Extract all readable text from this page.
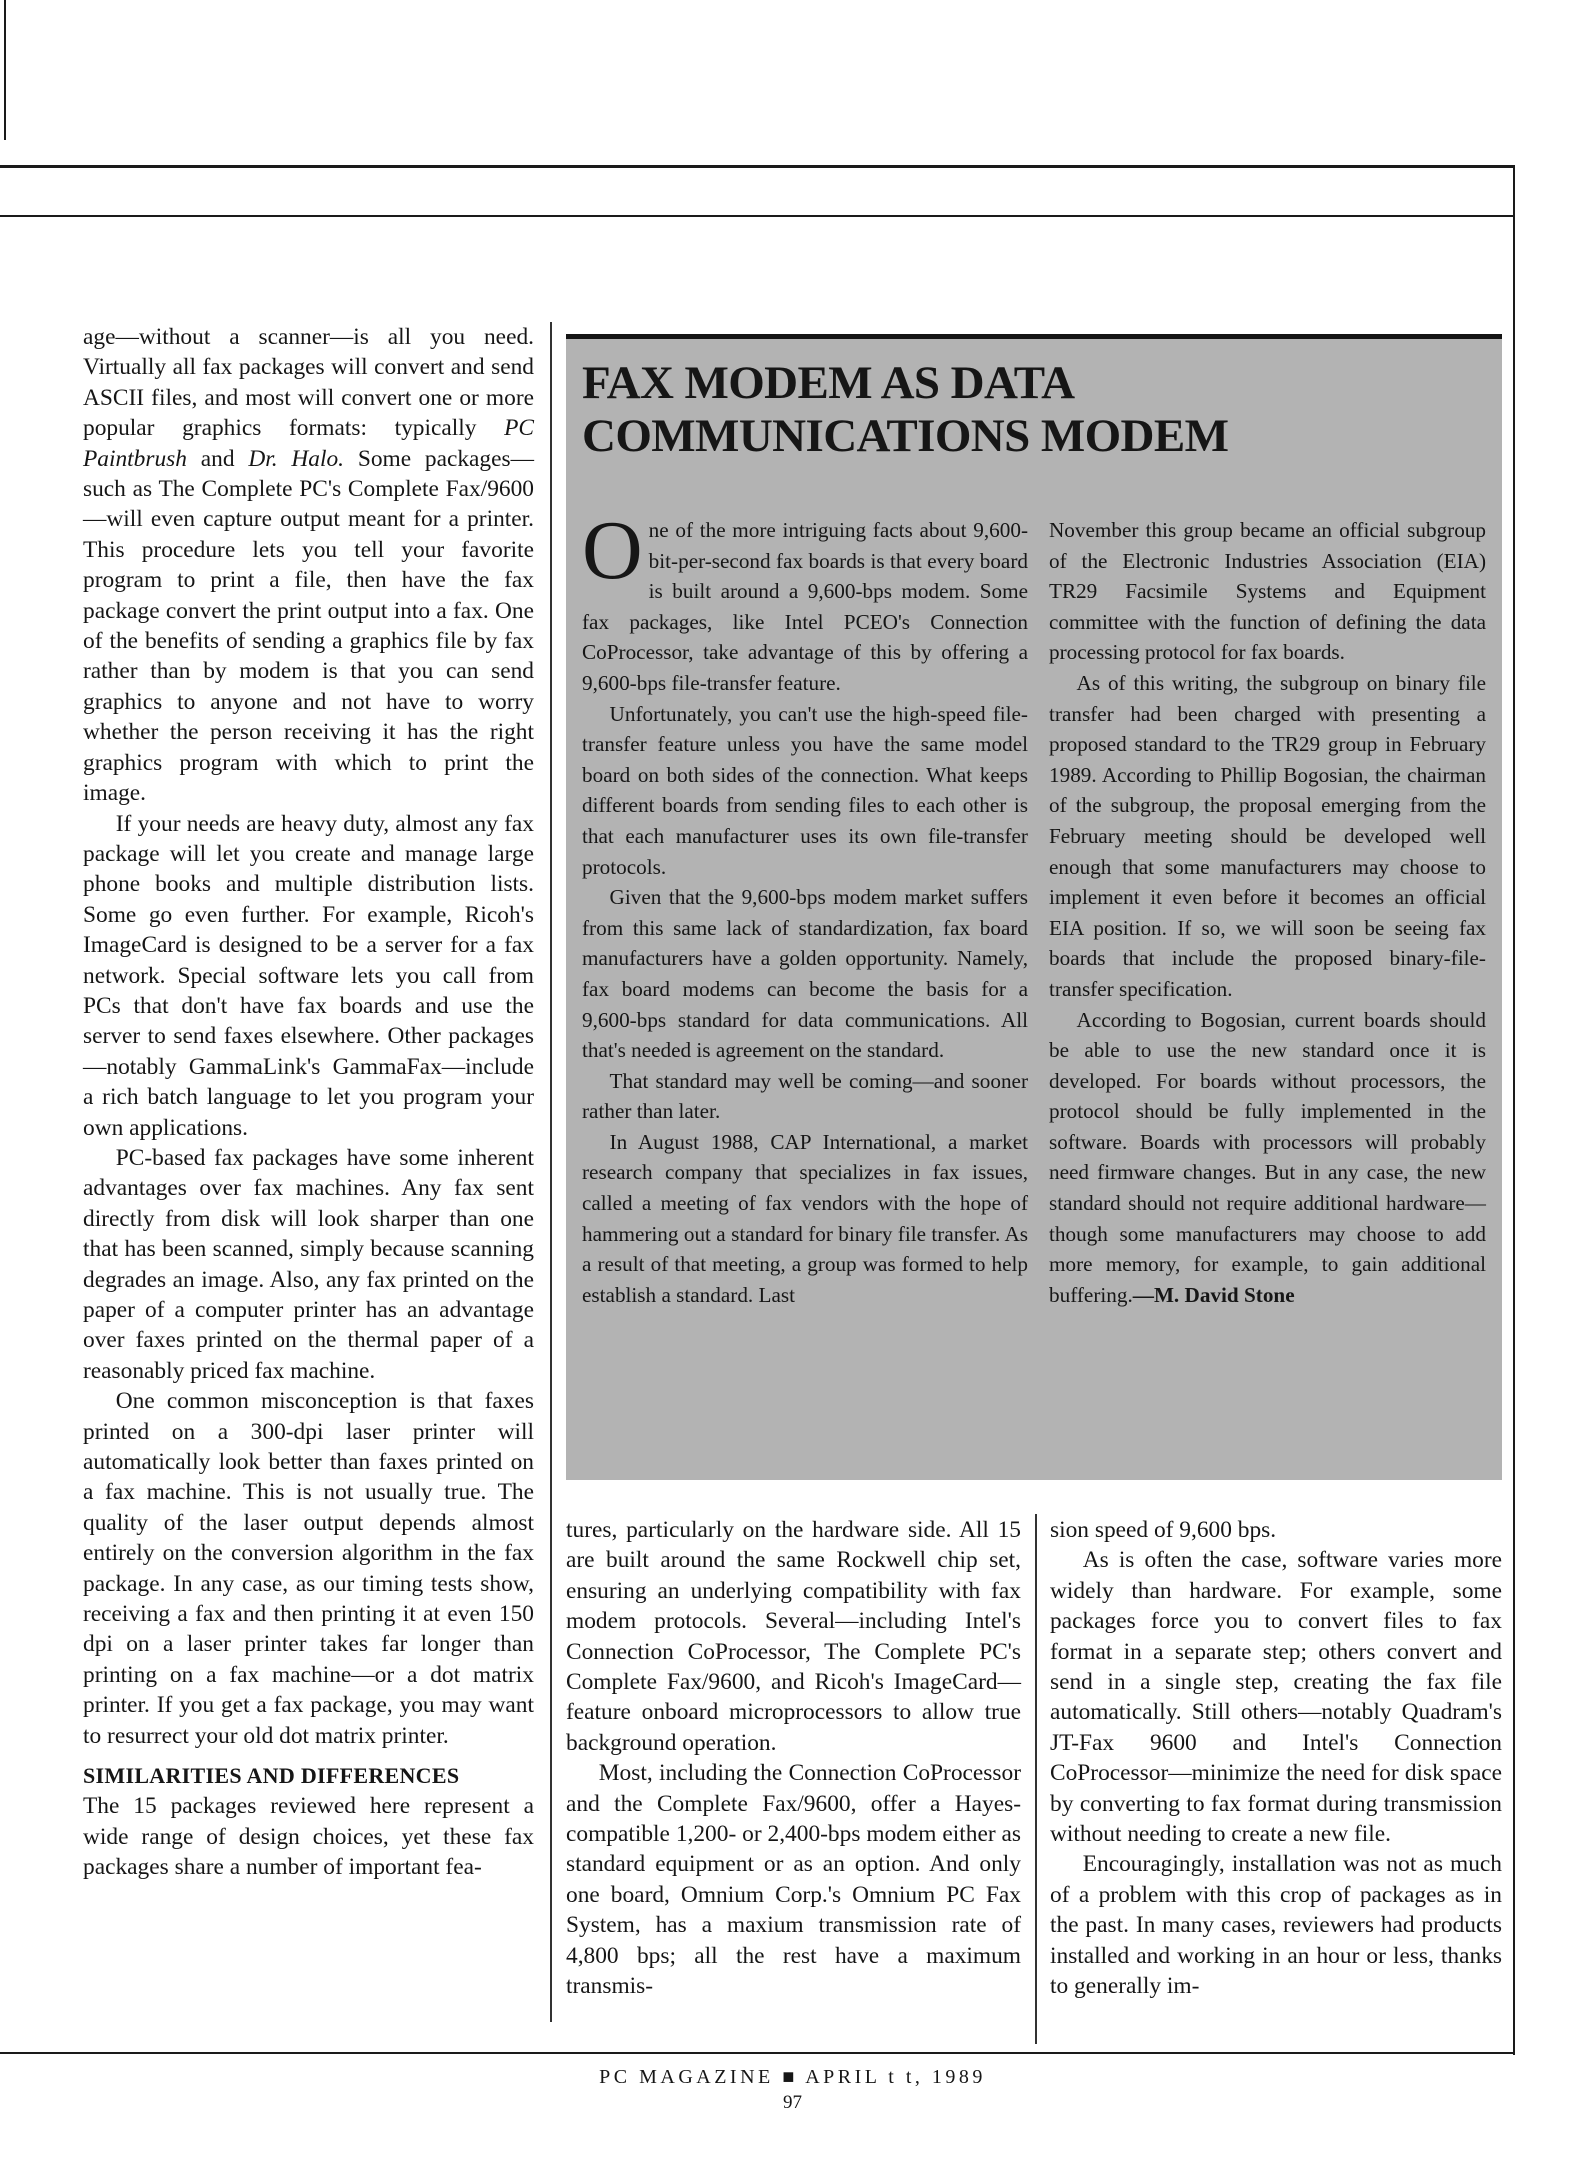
age—without a scanner—is all you need. Virtually all fax packages will convert and send ASCII files, and most will convert one or more popular graphics formats: typically PC Paintbrush and Dr. Halo. Some packages—such as The Complete PC's Complete Fax/9600—will even capture output meant for a printer. This procedure lets you tell your favorite program to print a file, then have the fax package convert the print output into a fax. One of the benefits of sending a graphics file by fax rather than by modem is that you can send graphics to anyone and not have to worry whether the person receiving it has the right graphics program with which to print the image.

If your needs are heavy duty, almost any fax package will let you create and manage large phone books and multiple distribution lists. Some go even further. For example, Ricoh's ImageCard is designed to be a server for a fax network. Special software lets you call from PCs that don't have fax boards and use the server to send faxes elsewhere. Other packages—notably GammaLink's GammaFax—include a rich batch language to let you program your own applications.

PC-based fax packages have some inherent advantages over fax machines. Any fax sent directly from disk will look sharper than one that has been scanned, simply because scanning degrades an image. Also, any fax printed on the paper of a computer printer has an advantage over faxes printed on the thermal paper of a reasonably priced fax machine.

One common misconception is that faxes printed on a 300-dpi laser printer will automatically look better than faxes printed on a fax machine. This is not usually true. The quality of the laser output depends almost entirely on the conversion algorithm in the fax package. In any case, as our timing tests show, receiving a fax and then printing it at even 150 dpi on a laser printer takes far longer than printing on a fax machine—or a dot matrix printer. If you get a fax package, you may want to resurrect your old dot matrix printer.

SIMILARITIES AND DIFFERENCES

The 15 packages reviewed here represent a wide range of design choices, yet these fax packages share a number of important fea-

FAX MODEM AS DATA COMMUNICATIONS MODEM

One of the more intriguing facts about 9,600-bit-per-second fax boards is that every board is built around a 9,600-bps modem. Some fax packages, like Intel PCEO's Connection CoProcessor, take advantage of this by offering a 9,600-bps file-transfer feature.

Unfortunately, you can't use the high-speed file-transfer feature unless you have the same model board on both sides of the connection. What keeps different boards from sending files to each other is that each manufacturer uses its own file-transfer protocols.

Given that the 9,600-bps modem market suffers from this same lack of standardization, fax board manufacturers have a golden opportunity. Namely, fax board modems can become the basis for a 9,600-bps standard for data communications. All that's needed is agreement on the standard.

That standard may well be coming—and sooner rather than later.

In August 1988, CAP International, a market research company that specializes in fax issues, called a meeting of fax vendors with the hope of hammering out a standard for binary file transfer. As a result of that meeting, a group was formed to help establish a standard. Last

November this group became an official subgroup of the Electronic Industries Association (EIA) TR29 Facsimile Systems and Equipment committee with the function of defining the data processing protocol for fax boards.

As of this writing, the subgroup on binary file transfer had been charged with presenting a proposed standard to the TR29 group in February 1989. According to Phillip Bogosian, the chairman of the subgroup, the proposal emerging from the February meeting should be developed well enough that some manufacturers may choose to implement it even before it becomes an official EIA position. If so, we will soon be seeing fax boards that include the proposed binary-file-transfer specification.

According to Bogosian, current boards should be able to use the new standard once it is developed. For boards without processors, the protocol should be fully implemented in the software. Boards with processors will probably need firmware changes. But in any case, the new standard should not require additional hardware—though some manufacturers may choose to add more memory, for example, to gain additional buffering.—M. David Stone

tures, particularly on the hardware side. All 15 are built around the same Rockwell chip set, ensuring an underlying compatibility with fax modem protocols. Several—including Intel's Connection CoProcessor, The Complete PC's Complete Fax/9600, and Ricoh's ImageCard—feature onboard microprocessors to allow true background operation.

Most, including the Connection CoProcessor and the Complete Fax/9600, offer a Hayes-compatible 1,200- or 2,400-bps modem either as standard equipment or as an option. And only one board, Omnium Corp.'s Omnium PC Fax System, has a maxium transmission rate of 4,800 bps; all the rest have a maximum transmis-

sion speed of 9,600 bps.

As is often the case, software varies more widely than hardware. For example, some packages force you to convert files to fax format in a separate step; others convert and send in a single step, creating the fax file automatically. Still others—notably Quadram's JT-Fax 9600 and Intel's Connection CoProcessor—minimize the need for disk space by converting to fax format during transmission without needing to create a new file.

Encouragingly, installation was not as much of a problem with this crop of packages as in the past. In many cases, reviewers had products installed and working in an hour or less, thanks to generally im-

PC MAGAZINE ■ APRIL t t, 1989
97
